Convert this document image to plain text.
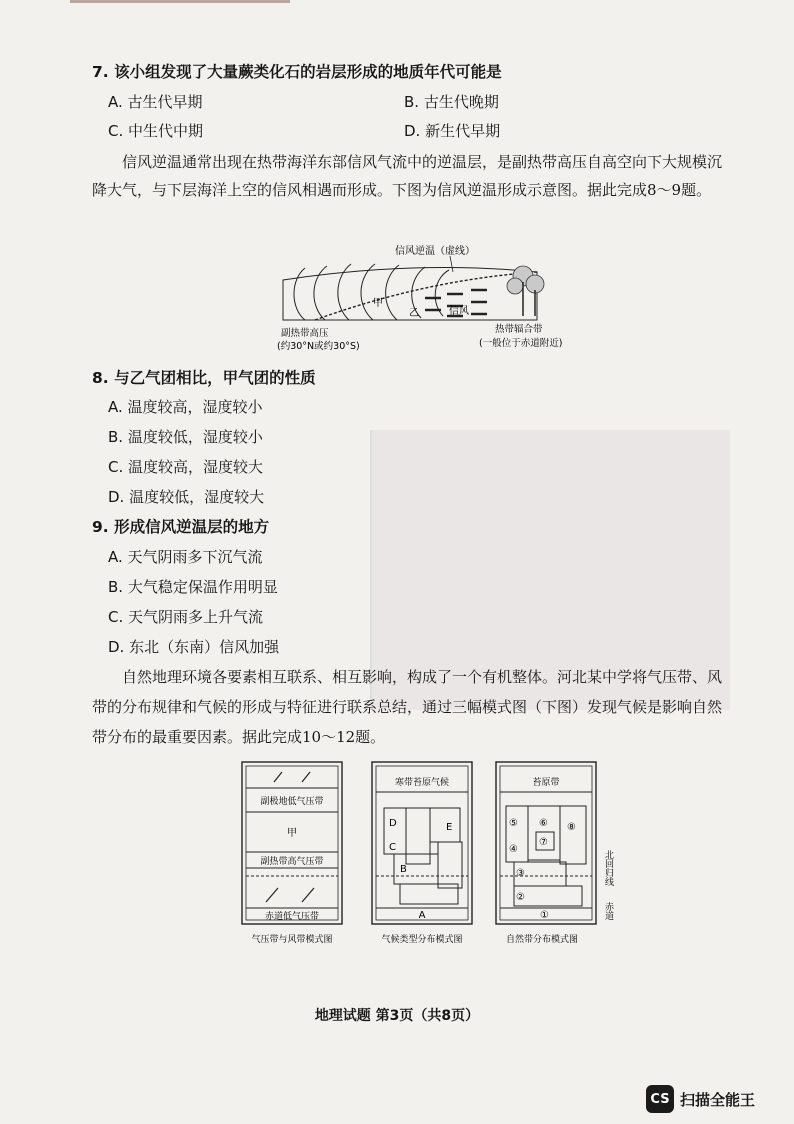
7. 该小组发现了大量蕨类化石的岩层形成的地质年代可能是
A. 古生代早期	B. 古生代晚期
C. 中生代中期	D. 新生代早期
信风逆温通常出现在热带海洋东部信风气流中的逆温层，是副热带高压自高空向下大规模沉降大气，与下层海洋上空的信风相遇而形成。下图为信风逆温形成示意图。据此完成8～9题。
信风逆温（虚线）
甲
乙	信风
副热带高压
(约30°N或约30°S)
热带辐合带
(一般位于赤道附近)
8. 与乙气团相比，甲气团的性质
A. 温度较高，湿度较小
B. 温度较低，湿度较小
C. 温度较高，湿度较大
D. 温度较低，湿度较大
9. 形成信风逆温层的地方
A. 天气阴雨多下沉气流
B. 大气稳定保温作用明显
C. 天气阴雨多上升气流
D. 东北（东南）信风加强
自然地理环境各要素相互联系、相互影响，构成了一个有机整体。河北某中学将气压带、风带的分布规律和气候的形成与特征进行联系总结，通过三幅模式图（下图）发现气候是影响自然带分布的最重要因素。据此完成10～12题。
副极地低气压带
甲
副热带高气压带
赤道低气压带
气压带与风带模式图
寒带苔原气候
D	E
C
B
A
气候类型分布模式图
苔原带
⑤ ⑥ ⑧
⑦
④
③
②
①
自然带分布模式图
北回归线
赤道
地理试题 第3页（共8页）
CS 扫描全能王
